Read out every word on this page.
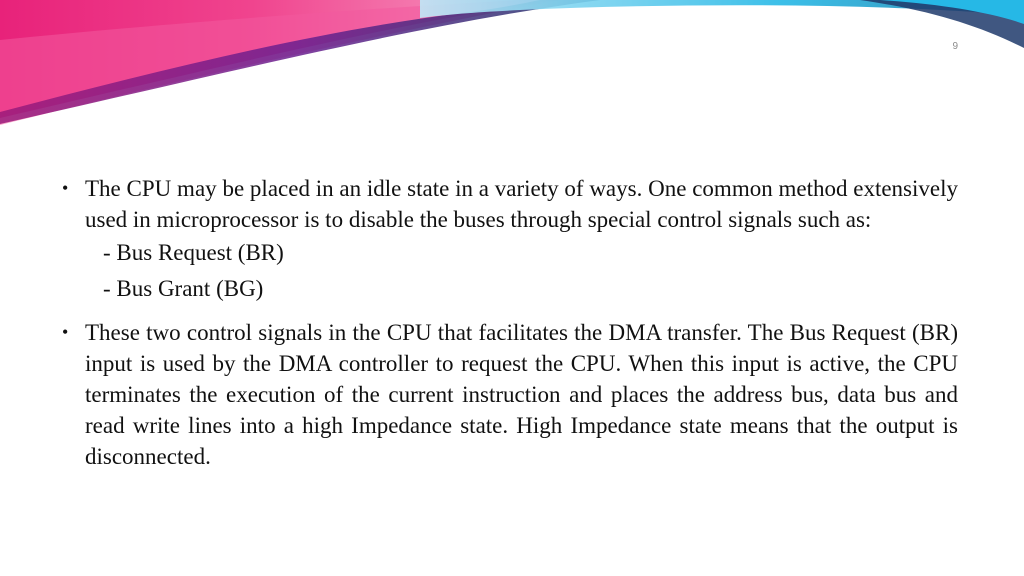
9
• The CPU may be placed in an idle state in a variety of ways. One common method extensively used in microprocessor is to disable the buses through special control signals such as:
- Bus Request (BR)
- Bus Grant (BG)
• These two control signals in the CPU that facilitates the DMA transfer. The Bus Request (BR) input is used by the DMA controller to request the CPU. When this input is active, the CPU terminates the execution of the current instruction and places the address bus, data bus and read write lines into a high Impedance state. High Impedance state means that the output is disconnected.
